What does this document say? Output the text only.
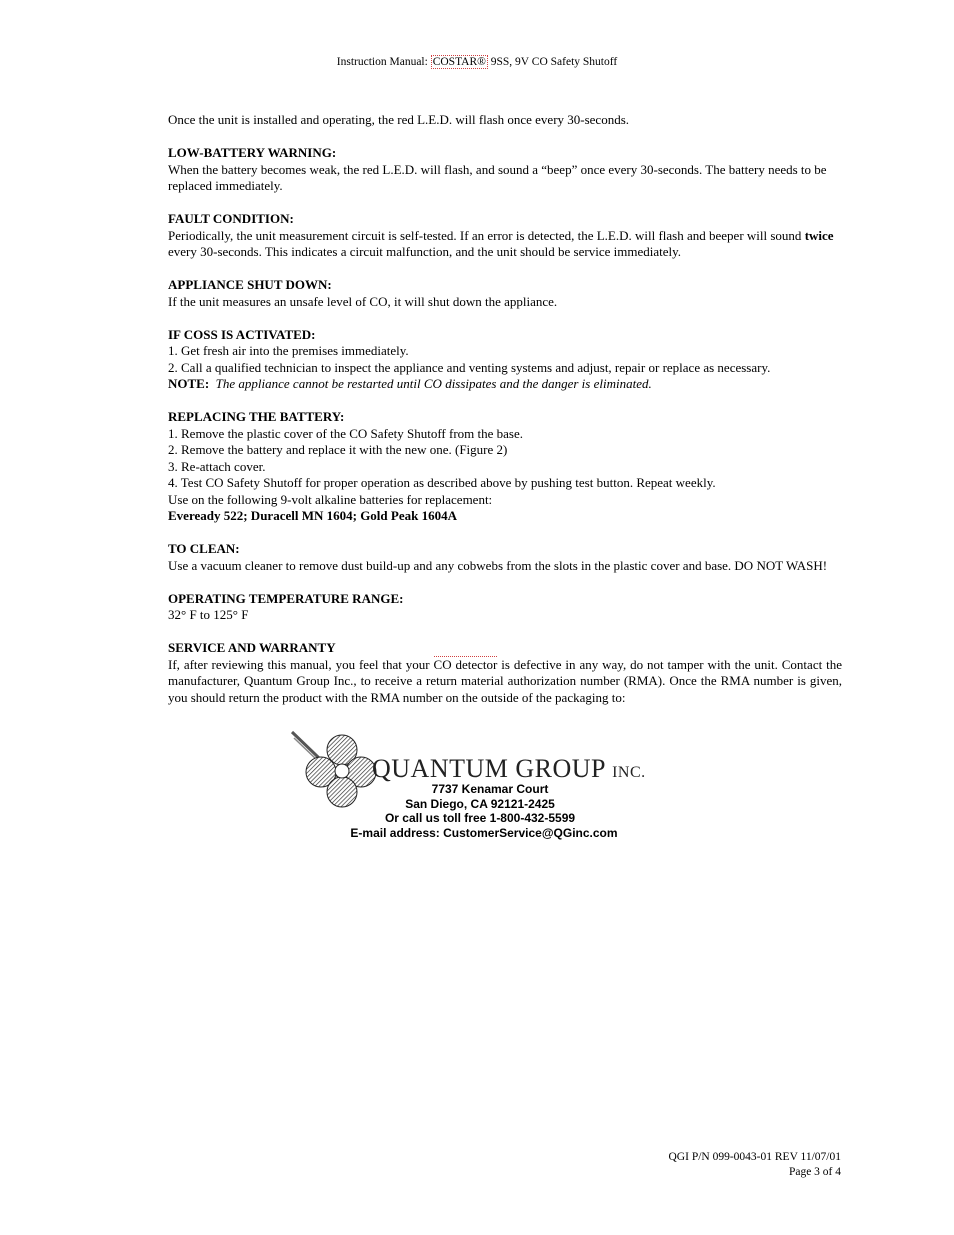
Instruction Manual: COSTAR® 9SS, 9V CO Safety Shutoff

Once the unit is installed and operating, the red L.E.D. will flash once every 30-seconds.

LOW-BATTERY WARNING:
When the battery becomes weak, the red L.E.D. will flash, and sound a “beep” once every 30-seconds. The battery needs to be replaced immediately.
FAULT CONDITION:
Periodically, the unit measurement circuit is self-tested. If an error is detected, the L.E.D. will flash and beeper will sound twice every 30-seconds. This indicates a circuit malfunction, and the unit should be service immediately.
APPLIANCE SHUT DOWN:
If the unit measures an unsafe level of CO, it will shut down the appliance.
IF COSS IS ACTIVATED:
1. Get fresh air into the premises immediately.
2. Call a qualified technician to inspect the appliance and venting systems and adjust, repair or replace as necessary.
NOTE: The appliance cannot be restarted until CO dissipates and the danger is eliminated.
REPLACING THE BATTERY:
1. Remove the plastic cover of the CO Safety Shutoff from the base.
2. Remove the battery and replace it with the new one. (Figure 2)
3. Re-attach cover.
4. Test CO Safety Shutoff for proper operation as described above by pushing test button. Repeat weekly.
Use on the following 9-volt alkaline batteries for replacement:
Eveready 522; Duracell MN 1604; Gold Peak 1604A
TO CLEAN:
Use a vacuum cleaner to remove dust build-up and any cobwebs from the slots in the plastic cover and base. DO NOT WASH!
OPERATING TEMPERATURE RANGE:
32° F to 125° F
SERVICE AND WARRANTY
If, after reviewing this manual, you feel that your CO detector is defective in any way, do not tamper with the unit. Contact the manufacturer, Quantum Group Inc., to receive a return material authorization number (RMA). Once the RMA number is given, you should return the product with the RMA number on the outside of the packaging to:
QUANTUM GROUP INC.
7737 Kenamar Court
San Diego, CA 92121-2425
Or call us toll free 1-800-432-5599
E-mail address: CustomerService@QGinc.com
QGI P/N 099-0043-01 REV 11/07/01
Page 3 of 4
